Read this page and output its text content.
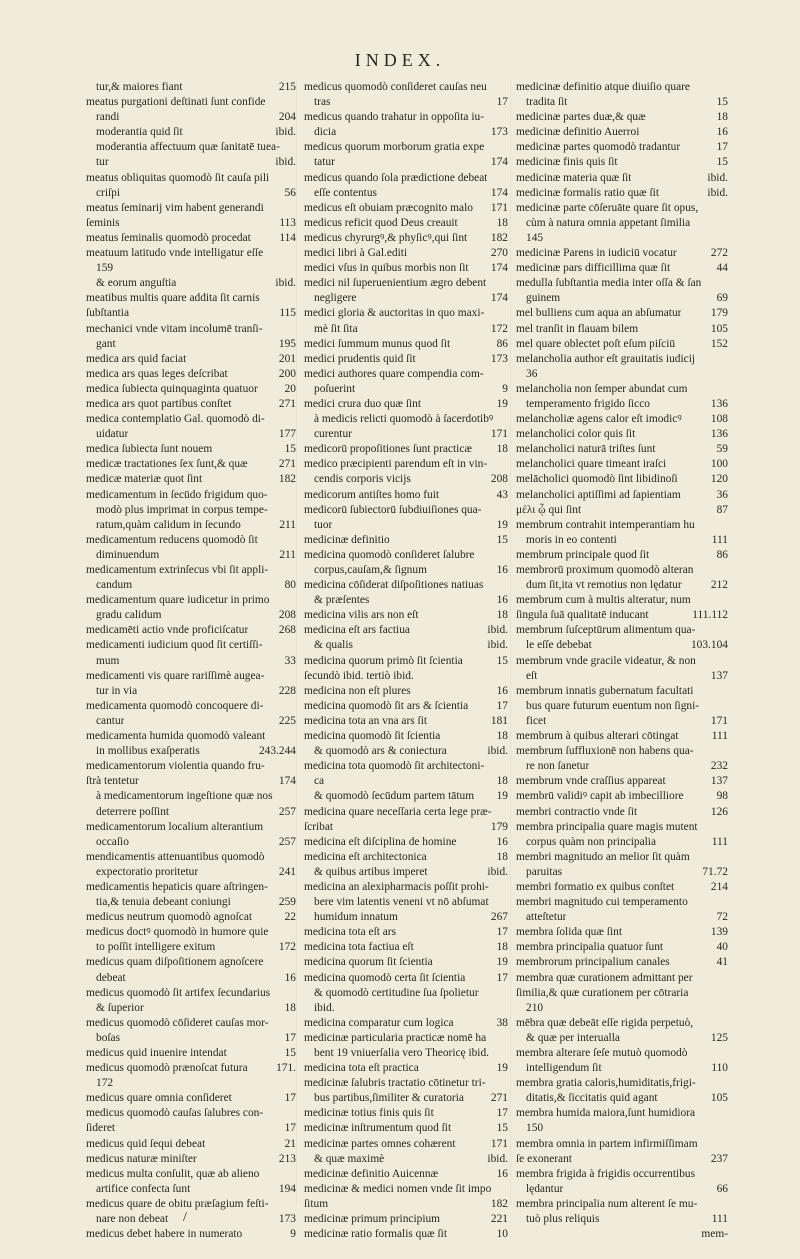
INDEX.
tur,& maiores fiant	215
meatus purgationi deſtinati ſunt confide
randi	204
moderantia quid ſit	ibid.
moderantia affectuum quæ ſanitatē tuea-
tur	ibid.
meatus obliquitas quomodò ſit cauſa pili
criſpi	56
meatus ſeminarij vim habent generandi
ſeminis	113
meatus ſeminalis quomodò procedat	114
meatuum latitudo vnde intelligatur eſſe
159
& eorum anguſtia	ibid.
meatibus multis quare addita ſit carnis
ſubſtantia	115
mechanici vnde vitam incolumē tranſi-
gant	195
medica ars quid faciat	201
medica ars quas leges deſcribat	200
medica ſubiecta quinquaginta quatuor 20
medica ars quot partibus conſtet	271
medica contemplatio Gal. quomodò di-
uidatur	177
medica ſubiecta ſunt nouem	15
medicæ tractationes ſex ſunt,& quæ	271
medicæ materiæ quot ſint	182
medicamentum in ſecūdo frigidum quo-
modò plus imprimat in corpus tempe-
ratum,quàm calidum in ſecundo	211
medicamentum reducens quomodò ſit
diminuendum	211
medicamentum extrinſecus vbi ſit appli-
candum	80
medicamentum quare iudicetur in primo
gradu calidum	208
medicamēti actio vnde proficiſcatur	268
medicamenti iudicium quod ſit certiſſi-
mum	33
medicamenti vis quare rariſſimè augea-
tur in via	228
medicamenta quomodò concoquere di-
cantur	225
medicamenta humida quomodò valeant
in mollibus exaſperatis	243.244
medicamentorum violentia quando fru-
ſtrà tentetur	174
à medicamentorum ingeſtione quæ nos
deterrere poſſint	257
medicamentorum localium alterantium
occaſio	257
mendicamentis attenuantibus quomodò
expectoratio proritetur	241
medicamentis hepaticis quare aſtringen-
tia,& tenuia debeant coniungi	259
medicus neutrum quomodò agnoſcat	22
medicus doctꝰ quomodò in humore quie
to poſſit intelligere exitum	172
medicus quam diſpoſitionem agnoſcere
debeat	16
medicus quomodò ſit artifex ſecundarius
& ſuperior	18
medicus quomodò cōſideret cauſas mor-
boſas	17
medicus quid inuenire intendat	15
medicus quomodò prænoſcat futura 171.
172
medicus quare omnia conſideret	17
medicus quomodò cauſas ſalubres con-
ſideret	17
medicus quid ſequi debeat	21
medicus naturæ miniſter	213
medicus multa conſulit, quæ ab alieno
artifice confecta ſunt	194
medicus quare de obitu præſagium feſti-
nare non debeat	173
medicus debet habere in numerato	9
medicus quomodò conſideret cauſas neu
tras	17
medicus quando trahatur in oppoſita iu-
dicia	173
medicus quorum morborum gratia expe
tatur	174
medicus quando ſola prædictione debeat
eſſe contentus	174
medicus eſt obuiam præcognito malo 171
medicus reficit quod Deus creauit	18
medicus chyrurgꝰ,& phyſicꝰ,qui ſint 182
medici libri à Gal.editi	270
medici vſus in quibus morbis non ſit 174
medici nil ſuperuenientium ægro debent
negligere	174
medici gloria & auctoritas in quo maxi-
mè ſit ſita	172
medici ſummum munus quod ſit	86
medici prudentis quid ſit	173
medici authores quare compendia com-
poſuerint	9
medici crura duo quæ ſint	19
à medicis relicti quomodò à ſacerdotibꝰ
curentur	171
medicorū propoſitiones ſunt practicæ 18
medico præcipienti parendum eſt in vin-
cendis corporis vicijs	208
medicorum antiſtes homo fuit	43
medicorū ſubiectorū ſubdiuiſiones qua-
tuor	19
medicinæ definitio	15
medicina quomodò conſideret ſalubre
corpus,cauſam,& ſignum	16
medicina cōſiderat diſpoſitiones natiuas
& præſentes	16
medicina vilis ars non eſt	18
medicina eſt ars factiua	ibid.
& qualis	ibid.
medicina quorum primò ſit ſcientia	15
ſecundò ibid. tertiò ibid.
medicina non eſt plures	16
medicina quomodò ſit ars & ſcientia 17
medicina tota an vna ars ſit	181
medicina quomodò ſit ſcientia	18
& quomodò ars & coniectura	ibid.
medicina tota quomodò ſit architectoni-
ca	18
& quomodò ſecūdum partem tātum 19
medicina quare neceſſaria certa lege præ-
ſcribat	179
medicina eſt diſciplina de homine	16
medicina eſt architectonica	18
& quibus artibus imperet	ibid.
medicina an alexipharmacis poſſit prohi-
bere vim latentis veneni vt nō abſumat
humidum innatum	267
medicina tota eſt ars	17
medicina tota factiua eſt	18
medicina quorum ſit ſcientia	19
medicina quomodò certa ſit ſcientia	17
& quomodò certitudine ſua ſpolietur
ibid.
medicina comparatur cum logica	38
medicinæ particularia practicæ nomē ha
bent 19 vniuerſalia vero Theoricę ibid.
medicina tota eſt practica	19
medicinæ ſalubris tractatio cōtinetur tri-
bus partibus,ſimiliter & curatoria 271
medicinæ totius finis quis ſit	17
medicinæ inſtrumentum quod ſit	15
medicinæ partes omnes cohærent	171
& quæ maximè	ibid.
medicinæ definitio Auicennæ	16
medicinæ & medici nomen vnde ſit impo
ſitum	182
medicinæ primum principium	221
medicinæ ratio formalis quæ ſit	10
medicinæ definitio atque diuiſio quare
tradita ſit	15
medicinæ partes duæ,& quæ	18
medicinæ definitio Auerroi	16
medicinæ partes quomodò tradantur	17
medicinæ finis quis ſit	15
medicinæ materia quæ ſit	ibid.
medicinæ formalis ratio quæ ſit	ibid.
medicinæ parte cōſeruāte quare ſit opus,
cùm à natura omnia appetant ſimilia
145
medicinæ Parens in iudiciū vocatur	272
medicinæ pars difficillima quæ ſit	44
medulla ſubſtantia media inter oſſa & ſan
guinem	69
mel bulliens cum aqua an abſumatur	179
mel tranſit in flauam bilem	105
mel quare oblectet poſt eſum piſciū	152
melancholia author eſt grauitatis iudicij
36
melancholia non ſemper abundat cum
temperamento frigido ſicco	136
melancholiæ agens calor eſt imodicꝰ	108
melancholici color quis ſit	136
melancholici naturā triſtes ſunt	59
melancholici quare timeant iraſci	100
melācholici quomodò ſint libidinoſi	120
melancholici aptiſſimi ad ſapientiam	36
μέλι ᾦ qui ſint	87
membrum contrahit intemperantiam hu
moris in eo contenti	111
membrum principale quod ſit	86
membrorū proximum quomodò alteran
dum ſit,ita vt remotius non lędatur	212
membrum cum à multis alteratur, num
ſingula ſuā qualitatē inducant	111.112
membrum ſuſceptūrum alimentum qua-
le eſſe debebat	103.104
membrum vnde gracile videatur, & non
eſt	137
membrum innatis gubernatum facultati
bus quare futurum euentum non ſigni-
ficet	171
membrum à quibus alterari cōtingat	111
membrum ſuffluxionē non habens qua-
re non ſanetur	232
membrum vnde craſſius appareat	137
membrū validiꝰ capit ab imbecilliore	98
membri contractio vnde ſit	126
membra principalia quare magis mutent
corpus quàm non principalia	111
membri magnitudo an melior ſit quàm
paruitas	71.72
membri formatio ex quibus conſtet	214
membri magnitudo cui temperamento
atteſtetur	72
membra ſolida quæ ſint	139
membra principalia quatuor ſunt	40
membrorum principalium canales	41
membra quæ curationem admittant per
ſimilia,& quæ curationem per cōtraria
210
mēbra quæ debeāt eſſe rigida perpetuò,
& quæ per interualla	125
membra alterare ſeſe mutuò quomodò
intelligendum ſit	110
membra gratia caloris,humiditatis,frigi-
ditatis,& ſiccitatis quid agant	105
membra humida maiora,ſunt humidiora
150
membra omnia in partem infirmiſſimam
ſe exonerant	237
membra frigida à frigidis occurrentibus
lędantur	66
membra principalia num alterent ſe mu-
tuò plus reliquis	111
mem-
/
